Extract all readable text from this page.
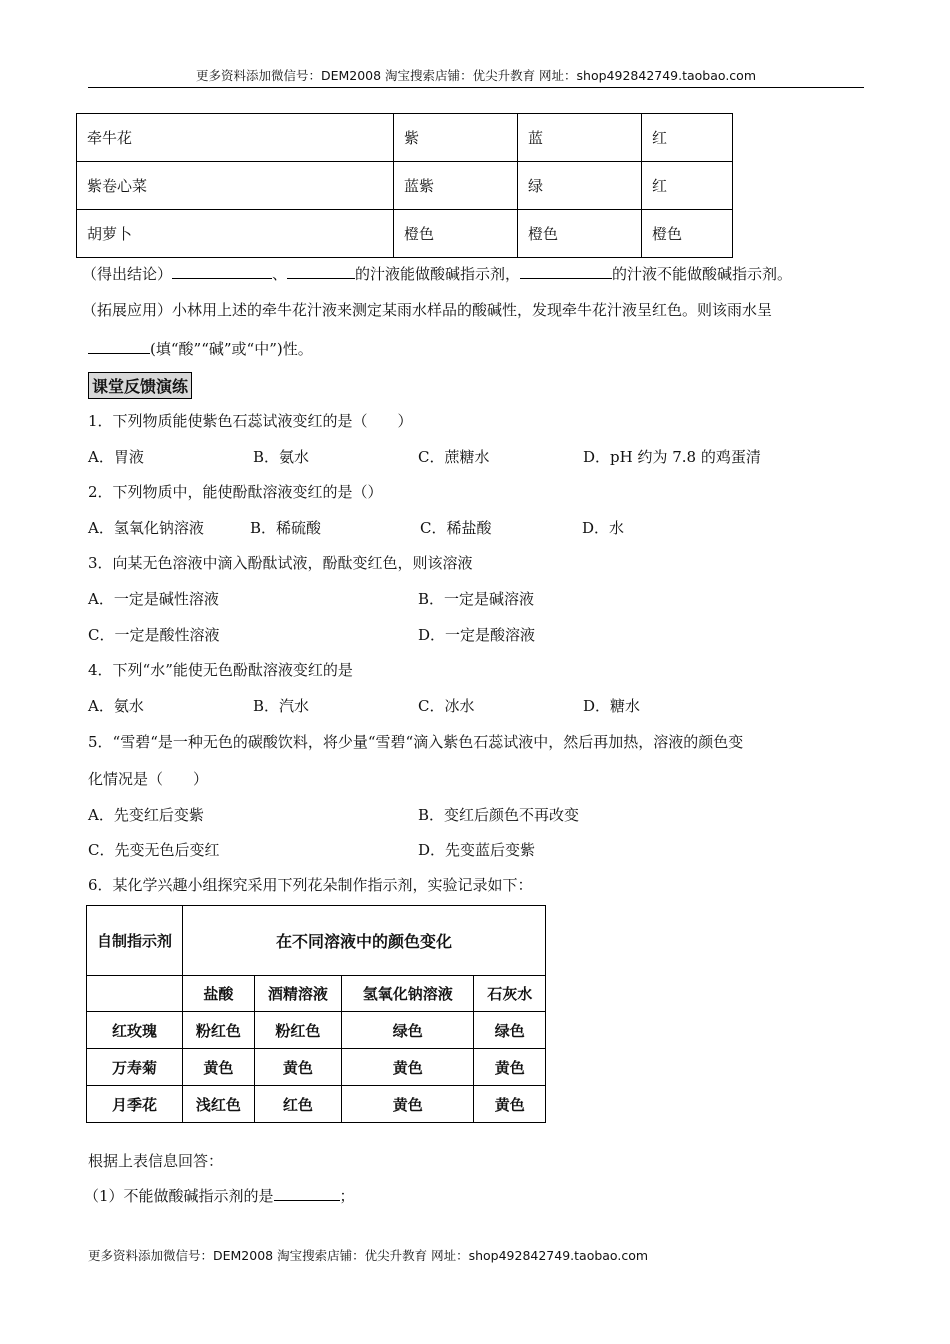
更多资料添加微信号：DEM2008 淘宝搜索店铺：优尖升教育 网址：shop492842749.taobao.com
牵牛花	紫	蓝	红
紫卷心菜	蓝紫	绿	红
胡萝卜	橙色	橙色	橙色
（得出结论）	、	的汁液能做酸碱指示剂，	的汁液不能做酸碱指示剂。
（拓展应用）小林用上述的牵牛花汁液来测定某雨水样品的酸碱性，发现牵牛花汁液呈红色。则该雨水呈
(填“酸”“碱”或“中”)性。
课堂反馈演练
1．下列物质能使紫色石蕊试液变红的是（　　）
A．胃液	B．氨水	C．蔗糖水	D．pH 约为 7.8 的鸡蛋清
2．下列物质中，能使酚酞溶液变红的是（）
A．氢氧化钠溶液	B．稀硫酸	C．稀盐酸	D．水
3．向某无色溶液中滴入酚酞试液，酚酞变红色，则该溶液
A．一定是碱性溶液	B．一定是碱溶液
C．一定是酸性溶液	D．一定是酸溶液
4．下列“水”能使无色酚酞溶液变红的是
A．氨水	B．汽水	C．冰水	D．糖水
5．“雪碧“是一种无色的碳酸饮料，将少量“雪碧“滴入紫色石蕊试液中，然后再加热，溶液的颜色变
化情况是（　　）
A．先变红后变紫	B．变红后颜色不再改变
C．先变无色后变红	D．先变蓝后变紫
6．某化学兴趣小组探究采用下列花朵制作指示剂，实验记录如下：
自制指示剂	在不同溶液中的颜色变化			
	盐酸	酒精溶液	氢氧化钠溶液	石灰水
红玫瑰	粉红色	粉红色	绿色	绿色
万寿菊	黄色	黄色	黄色	黄色
月季花	浅红色	红色	黄色	黄色
根据上表信息回答：
（1）不能做酸碱指示剂的是	；
更多资料添加微信号：DEM2008 淘宝搜索店铺：优尖升教育 网址：shop492842749.taobao.com
